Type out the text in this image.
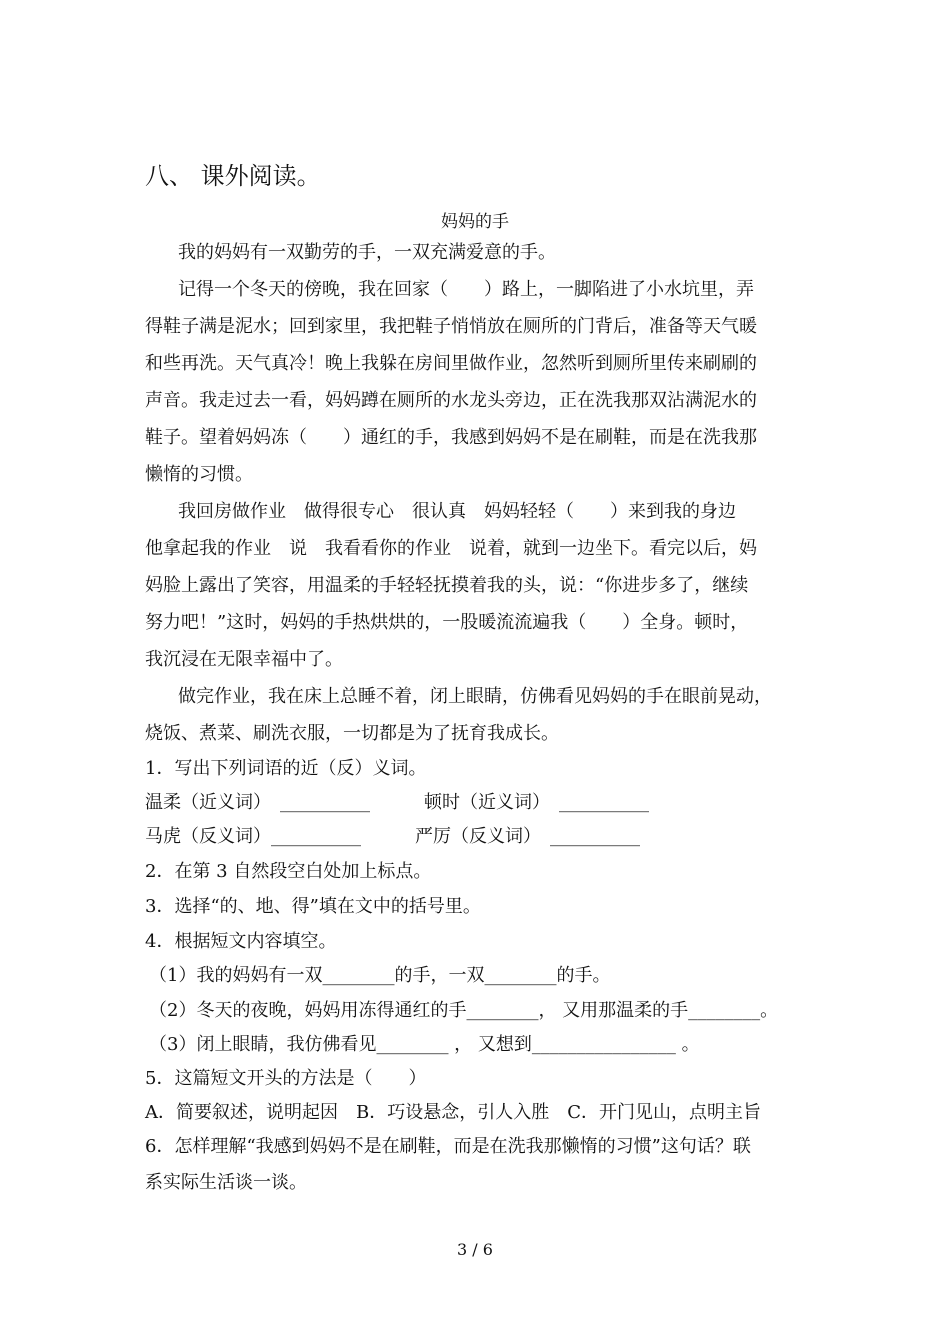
八、 课外阅读。
妈妈的手
我的妈妈有一双勤劳的手，一双充满爱意的手。
记得一个冬天的傍晚，我在回家（　　）路上，一脚陷进了小水坑里，弄
得鞋子满是泥水；回到家里，我把鞋子悄悄放在厕所的门背后，准备等天气暖
和些再洗。天气真冷！晚上我躲在房间里做作业，忽然听到厕所里传来刷刷的
声音。我走过去一看，妈妈蹲在厕所的水龙头旁边，正在洗我那双沾满泥水的
鞋子。望着妈妈冻（　　）通红的手，我感到妈妈不是在刷鞋，而是在洗我那
懒惰的习惯。
我回房做作业　做得很专心　很认真　妈妈轻轻（　　）来到我的身边
他拿起我的作业　说　我看看你的作业　说着，就到一边坐下。看完以后，妈
妈脸上露出了笑容，用温柔的手轻轻抚摸着我的头，说：“你进步多了，继续
努力吧！”这时，妈妈的手热烘烘的，一股暖流流遍我（　　）全身。顿时，
我沉浸在无限幸福中了。
做完作业，我在床上总睡不着，闭上眼睛，仿佛看见妈妈的手在眼前晃动，
烧饭、煮菜、刷洗衣服，一切都是为了抚育我成长。
1．写出下列词语的近（反）义词。
温柔（近义词）　__________　　　顿时（近义词）　__________
马虎（反义词）__________　　　严厉（反义词）　__________
2．在第 3 自然段空白处加上标点。
3．选择“的、地、得”填在文中的括号里。
4．根据短文内容填空。
（1）我的妈妈有一双________的手，一双________的手。
（2）冬天的夜晚，妈妈用冻得通红的手________， 又用那温柔的手________。
（3）闭上眼睛，我仿佛看见________ ， 又想到________________ 。
5．这篇短文开头的方法是（　　）
A．简要叙述，说明起因　B．巧设悬念，引人入胜　C．开门见山，点明主旨
6．怎样理解“我感到妈妈不是在刷鞋，而是在洗我那懒惰的习惯”这句话？联
系实际生活谈一谈。
3 / 6
